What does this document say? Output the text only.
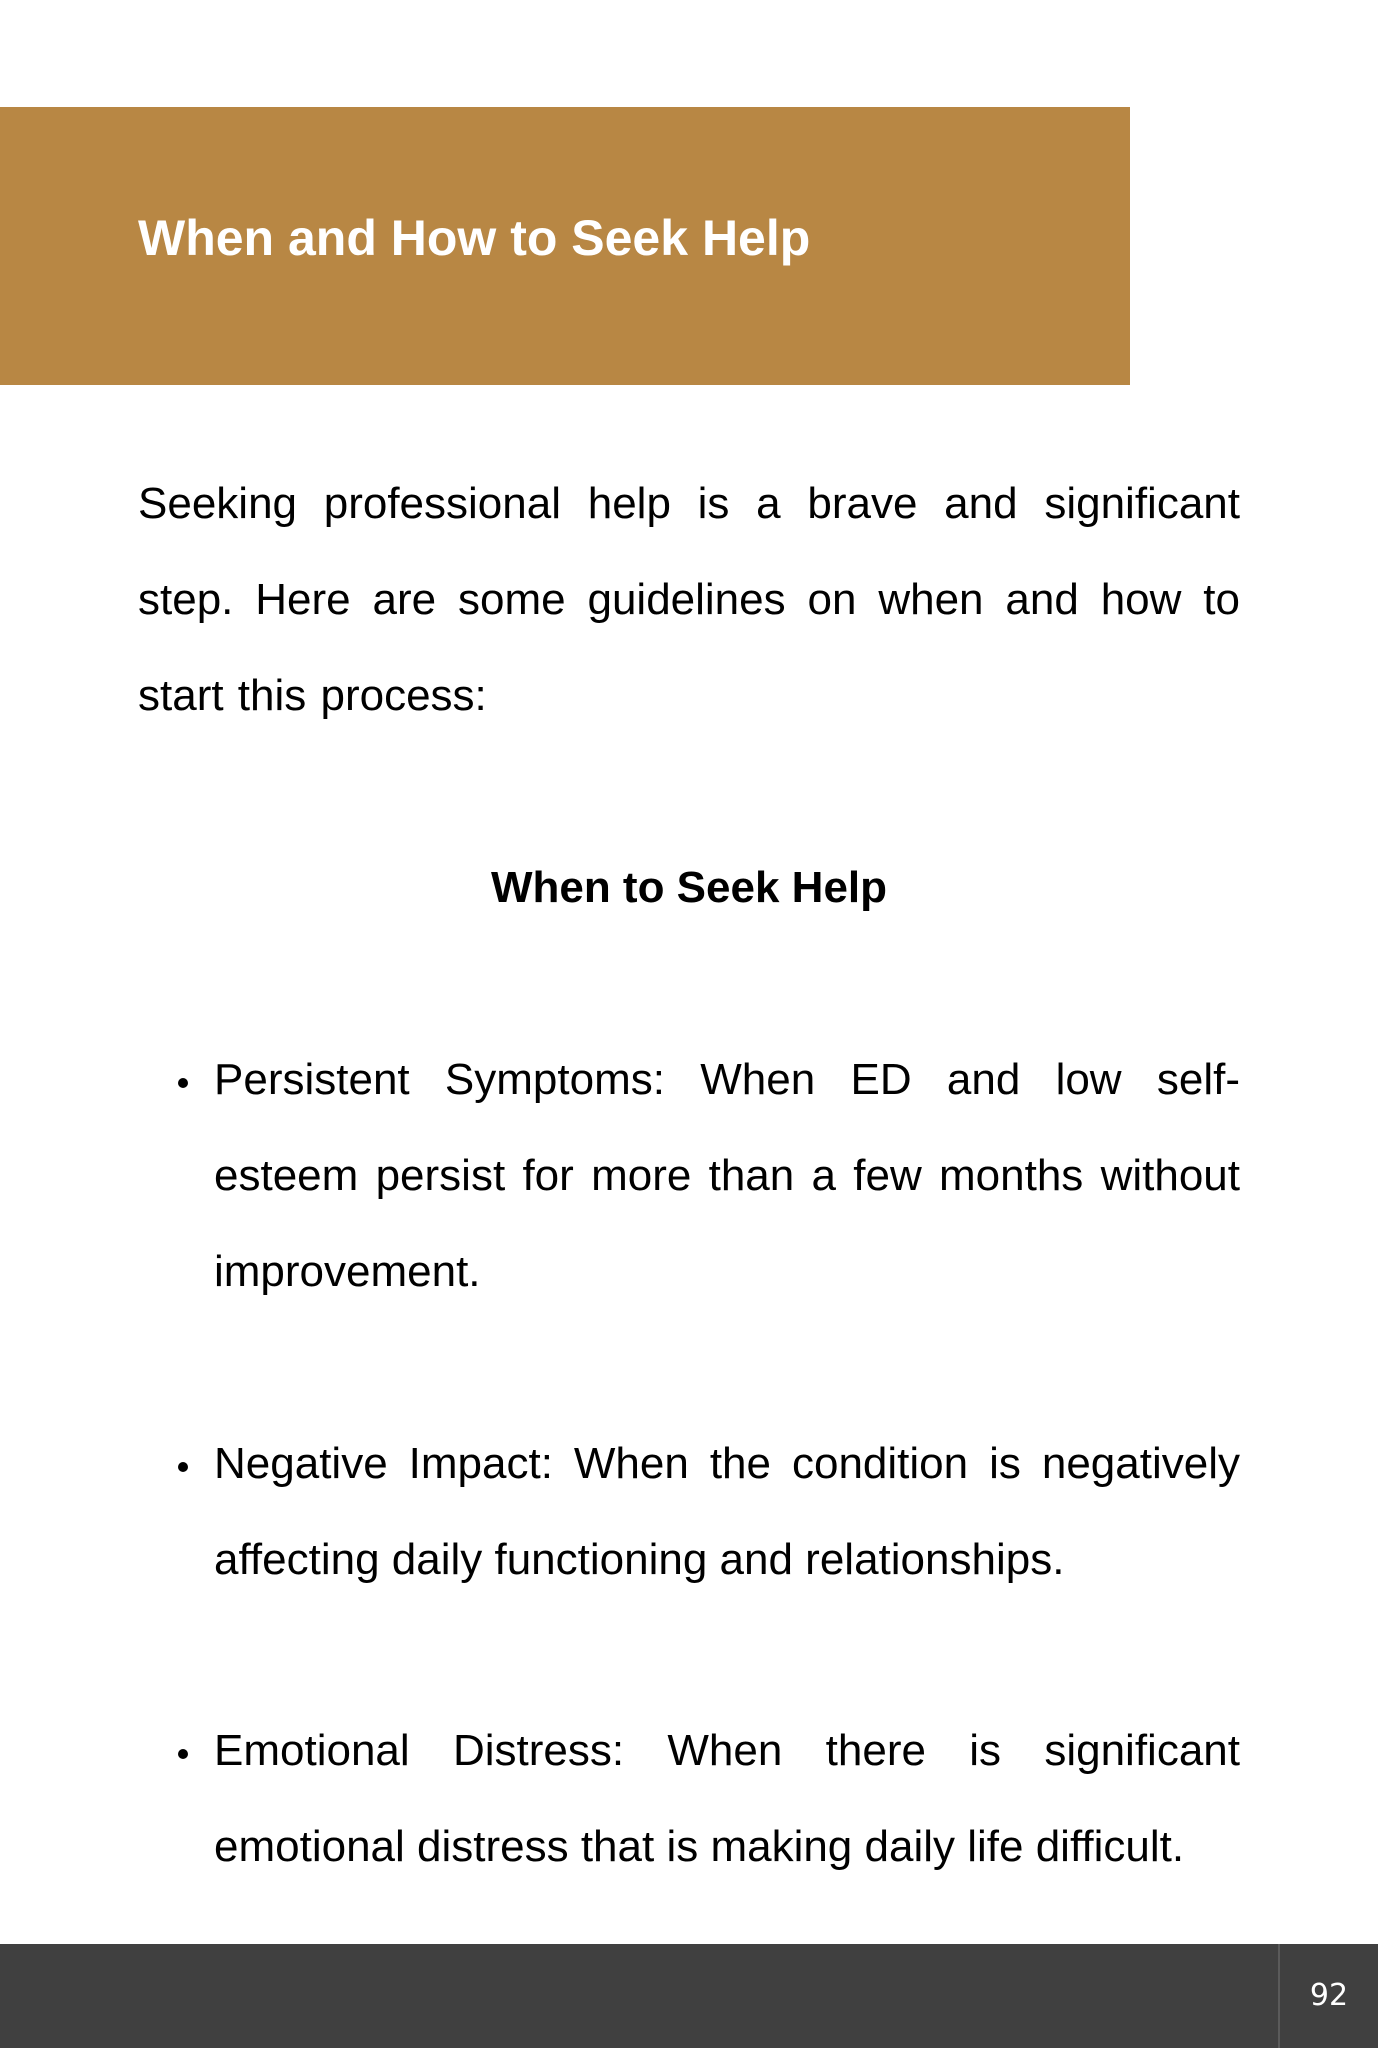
When and How to Seek Help

Seeking professional help is a brave and significant step. Here are some guidelines on when and how to start this process:

When to Seek Help

Persistent Symptoms: When ED and low self-esteem persist for more than a few months without improvement.

Negative Impact: When the condition is negatively affecting daily functioning and relationships.

Emotional Distress: When there is significant emotional distress that is making daily life difficult.

92
